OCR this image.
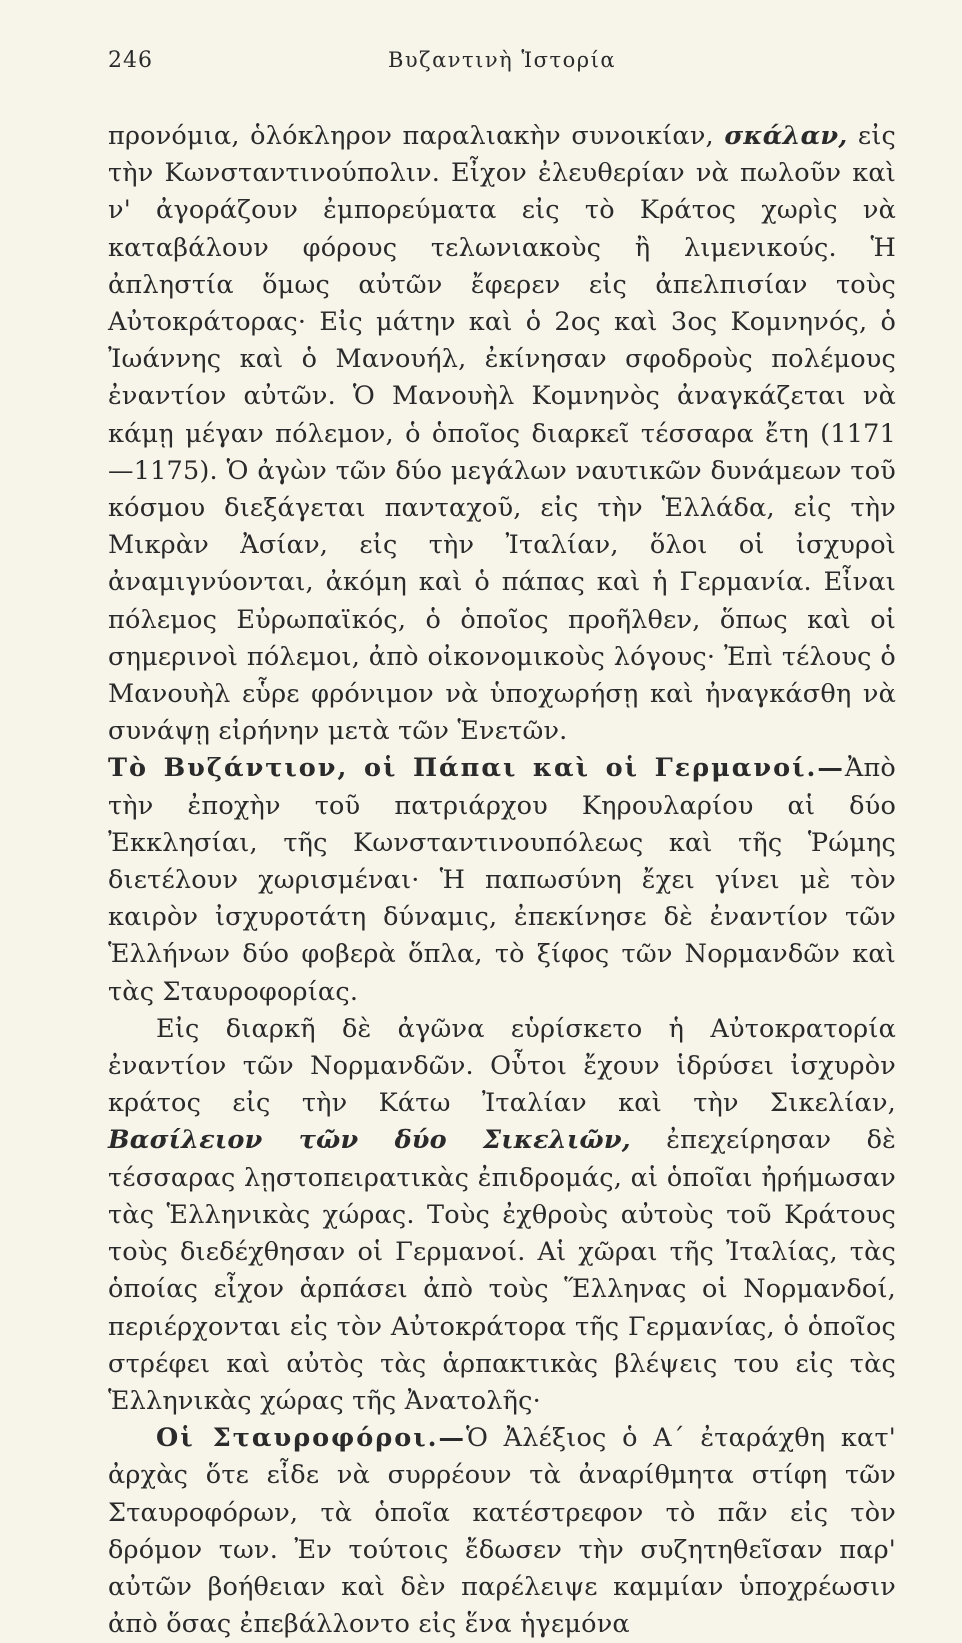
246	Βυζαντινὴ Ἱστορία

προνόμια, ὁλόκληρον παραλιακὴν συνοικίαν, σκάλαν, εἰς τὴν Κωνσταντινούπολιν. Εἶχον ἐλευθερίαν νὰ πωλοῦν καὶ ν' ἀγοράζουν ἐμπορεύματα εἰς τὸ Κράτος χωρὶς νὰ καταβάλουν φόρους τελωνιακοὺς ἢ λιμενικούς. Ἡ ἀπληστία ὅμως αὐτῶν ἔφερεν εἰς ἀπελπισίαν τοὺς Αὐτοκράτορας· Εἰς μάτην καὶ ὁ 2ος καὶ 3ος Κομνηνός, ὁ Ἰωάννης καὶ ὁ Μανουήλ, ἐκίνησαν σφοδροὺς πολέμους ἐναντίον αὐτῶν. Ὁ Μανουὴλ Κομνηνὸς ἀναγκάζεται νὰ κάμῃ μέγαν πόλεμον, ὁ ὁποῖος διαρκεῖ τέσσαρα ἔτη (1171—1175). Ὁ ἀγὼν τῶν δύο μεγάλων ναυτικῶν δυνάμεων τοῦ κόσμου διεξάγεται πανταχοῦ, εἰς τὴν Ἑλλάδα, εἰς τὴν Μικρὰν Ἀσίαν, εἰς τὴν Ἰταλίαν, ὅλοι οἱ ἰσχυροὶ ἀναμιγνύονται, ἀκόμη καὶ ὁ πάπας καὶ ἡ Γερμανία. Εἶναι πόλεμος Εὐρωπαϊκός, ὁ ὁποῖος προῆλθεν, ὅπως καὶ οἱ σημερινοὶ πόλεμοι, ἀπὸ οἰκονομικοὺς λόγους· Ἐπὶ τέλους ὁ Μανουὴλ εὗρε φρόνιμον νὰ ὑποχωρήσῃ καὶ ἠναγκάσθη νὰ συνάψῃ εἰρήνην μετὰ τῶν Ἑνετῶν.

Τὸ Βυζάντιον, οἱ Πάπαι καὶ οἱ Γερμανοί.—Ἀπὸ τὴν ἐποχὴν τοῦ πατριάρχου Κηρουλαρίου αἱ δύο Ἐκκλησίαι, τῆς Κωνσταντινουπόλεως καὶ τῆς Ῥώμης διετέλουν χωρισμέναι· Ἡ παπωσύνη ἔχει γίνει μὲ τὸν καιρὸν ἰσχυροτάτη δύναμις, ἐπεκίνησε δὲ ἐναντίον τῶν Ἑλλήνων δύο φοβερὰ ὅπλα, τὸ ξίφος τῶν Νορμανδῶν καὶ τὰς Σταυροφορίας.

Εἰς διαρκῆ δὲ ἀγῶνα εὑρίσκετο ἡ Αὐτοκρατορία ἐναντίον τῶν Νορμανδῶν. Οὗτοι ἔχουν ἱδρύσει ἰσχυρὸν κράτος εἰς τὴν Κάτω Ἰταλίαν καὶ τὴν Σικελίαν, Βασίλειον τῶν δύο Σικελιῶν, ἐπεχείρησαν δὲ τέσσαρας λῃστοπειρατικὰς ἐπιδρομάς, αἱ ὁποῖαι ἠρήμωσαν τὰς Ἑλληνικὰς χώρας. Τοὺς ἐχθροὺς αὐτοὺς τοῦ Κράτους τοὺς διεδέχθησαν οἱ Γερμανοί. Αἱ χῶραι τῆς Ἰταλίας, τὰς ὁποίας εἶχον ἁρπάσει ἀπὸ τοὺς Ἕλληνας οἱ Νορμανδοί, περιέρχονται εἰς τὸν Αὐτοκράτορα τῆς Γερμανίας, ὁ ὁποῖος στρέφει καὶ αὐτὸς τὰς ἁρπακτικὰς βλέψεις του εἰς τὰς Ἑλληνικὰς χώρας τῆς Ἀνατολῆς·

Οἱ Σταυροφόροι.—Ὁ Ἀλέξιος ὁ Α΄ ἐταράχθη κατ' ἀρχὰς ὅτε εἶδε νὰ συρρέουν τὰ ἀναρίθμητα στίφη τῶν Σταυροφόρων, τὰ ὁποῖα κατέστρεφον τὸ πᾶν εἰς τὸν δρόμον των. Ἐν τούτοις ἔδωσεν τὴν συζητηθεῖσαν παρ' αὐτῶν βοήθειαν καὶ δὲν παρέλειψε καμμίαν ὑποχρέωσιν ἀπὸ ὅσας ἐπεβάλλοντο εἰς ἕνα ἡγεμόνα
